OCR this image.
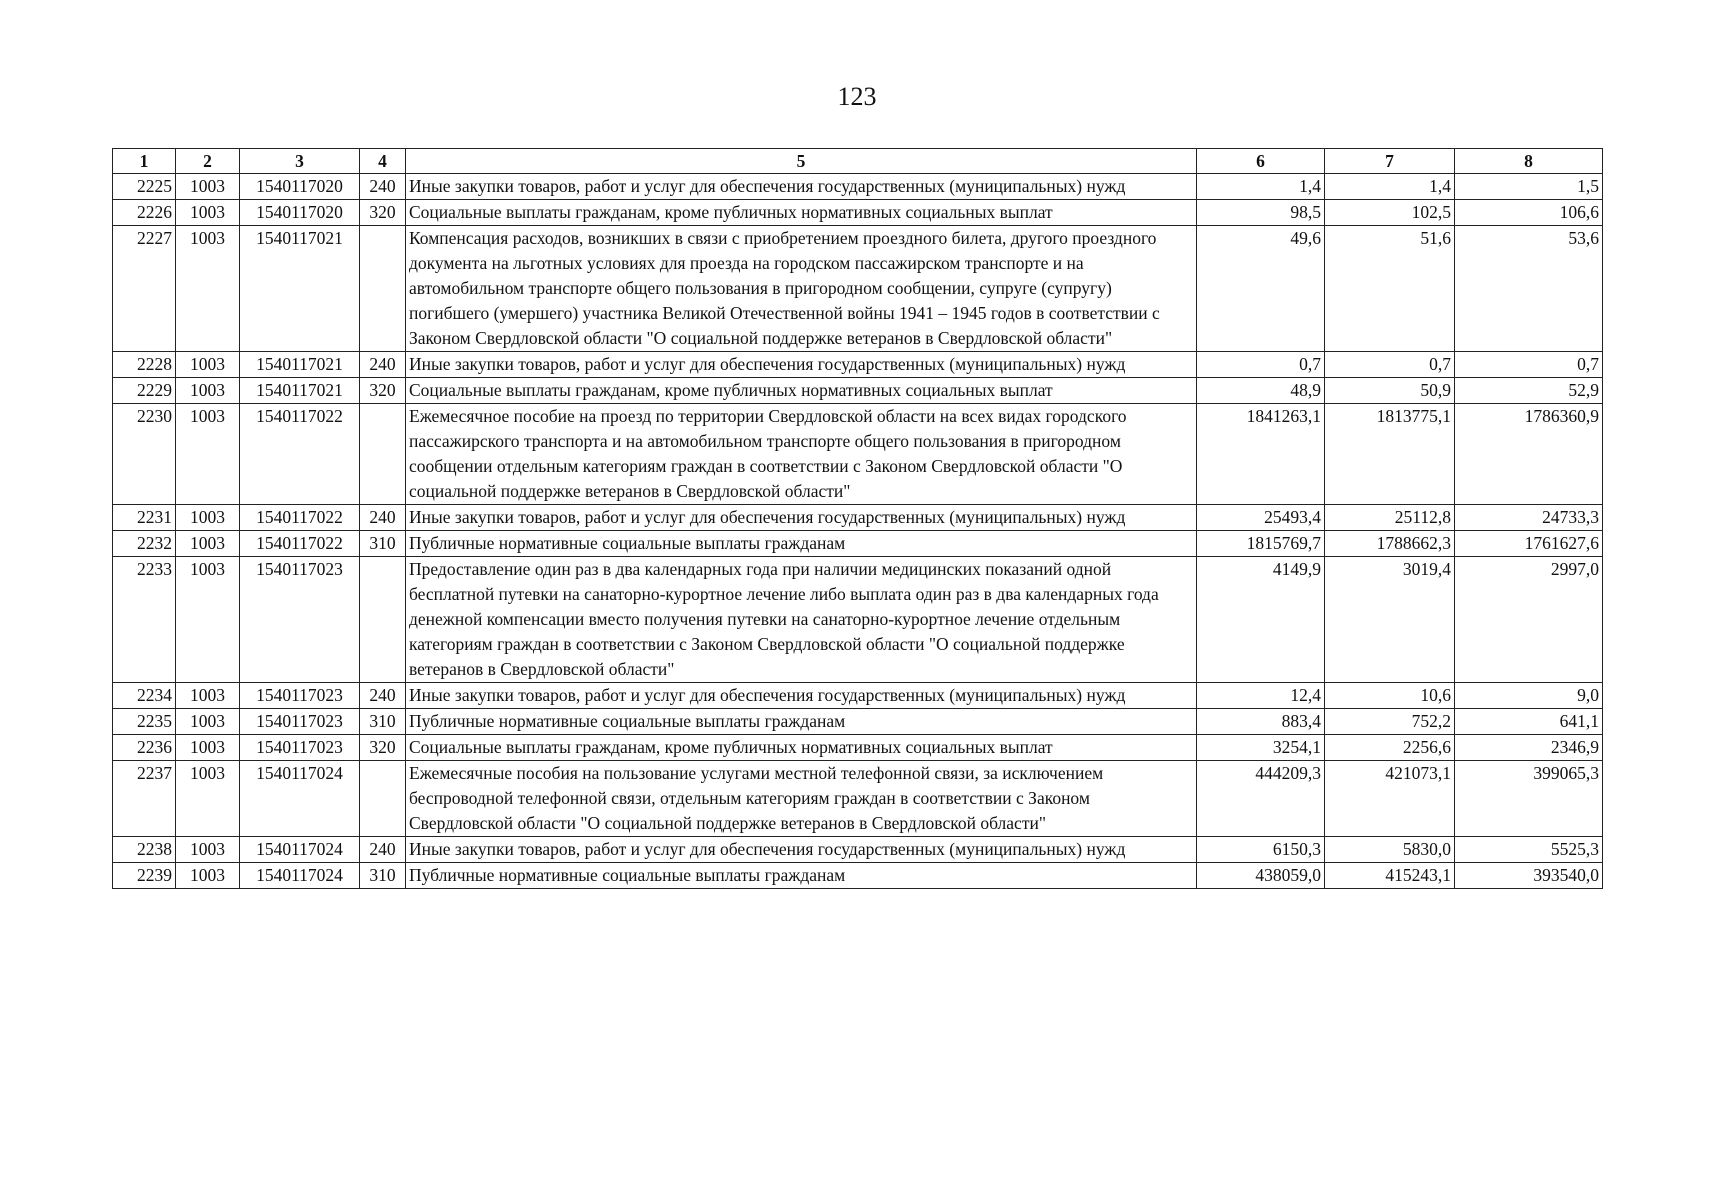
123
1	2	3	4	5	6	7	8
2225	1003	1540117020	240	Иные закупки товаров, работ и услуг для обеспечения государственных (муниципальных) нужд	1,4	1,4	1,5
2226	1003	1540117020	320	Социальные выплаты гражданам, кроме публичных нормативных социальных выплат	98,5	102,5	106,6
2227	1003	1540117021		Компенсация расходов, возникших в связи с приобретением проездного билета, другого проездного документа на льготных условиях для проезда на городском пассажирском транспорте и на автомобильном транспорте общего пользования в пригородном сообщении, супруге (супругу) погибшего (умершего) участника Великой Отечественной войны 1941 – 1945 годов в соответствии с Законом Свердловской области "О социальной поддержке ветеранов в Свердловской области"	49,6	51,6	53,6
2228	1003	1540117021	240	Иные закупки товаров, работ и услуг для обеспечения государственных (муниципальных) нужд	0,7	0,7	0,7
2229	1003	1540117021	320	Социальные выплаты гражданам, кроме публичных нормативных социальных выплат	48,9	50,9	52,9
2230	1003	1540117022		Ежемесячное пособие на проезд по территории Свердловской области на всех видах городского пассажирского транспорта и на автомобильном транспорте общего пользования в пригородном сообщении отдельным категориям граждан в соответствии с Законом Свердловской области "О социальной поддержке ветеранов в Свердловской области"	1841263,1	1813775,1	1786360,9
2231	1003	1540117022	240	Иные закупки товаров, работ и услуг для обеспечения государственных (муниципальных) нужд	25493,4	25112,8	24733,3
2232	1003	1540117022	310	Публичные нормативные социальные выплаты гражданам	1815769,7	1788662,3	1761627,6
2233	1003	1540117023		Предоставление один раз в два календарных года при наличии медицинских показаний одной бесплатной путевки на санаторно-курортное лечение либо выплата один раз в два календарных года денежной компенсации вместо получения путевки на санаторно-курортное лечение отдельным категориям граждан в соответствии с Законом Свердловской области "О социальной поддержке ветеранов в Свердловской области"	4149,9	3019,4	2997,0
2234	1003	1540117023	240	Иные закупки товаров, работ и услуг для обеспечения государственных (муниципальных) нужд	12,4	10,6	9,0
2235	1003	1540117023	310	Публичные нормативные социальные выплаты гражданам	883,4	752,2	641,1
2236	1003	1540117023	320	Социальные выплаты гражданам, кроме публичных нормативных социальных выплат	3254,1	2256,6	2346,9
2237	1003	1540117024		Ежемесячные пособия на пользование услугами местной телефонной связи, за исключением беспроводной телефонной связи, отдельным категориям граждан в соответствии с Законом Свердловской области "О социальной поддержке ветеранов в Свердловской области"	444209,3	421073,1	399065,3
2238	1003	1540117024	240	Иные закупки товаров, работ и услуг для обеспечения государственных (муниципальных) нужд	6150,3	5830,0	5525,3
2239	1003	1540117024	310	Публичные нормативные социальные выплаты гражданам	438059,0	415243,1	393540,0
